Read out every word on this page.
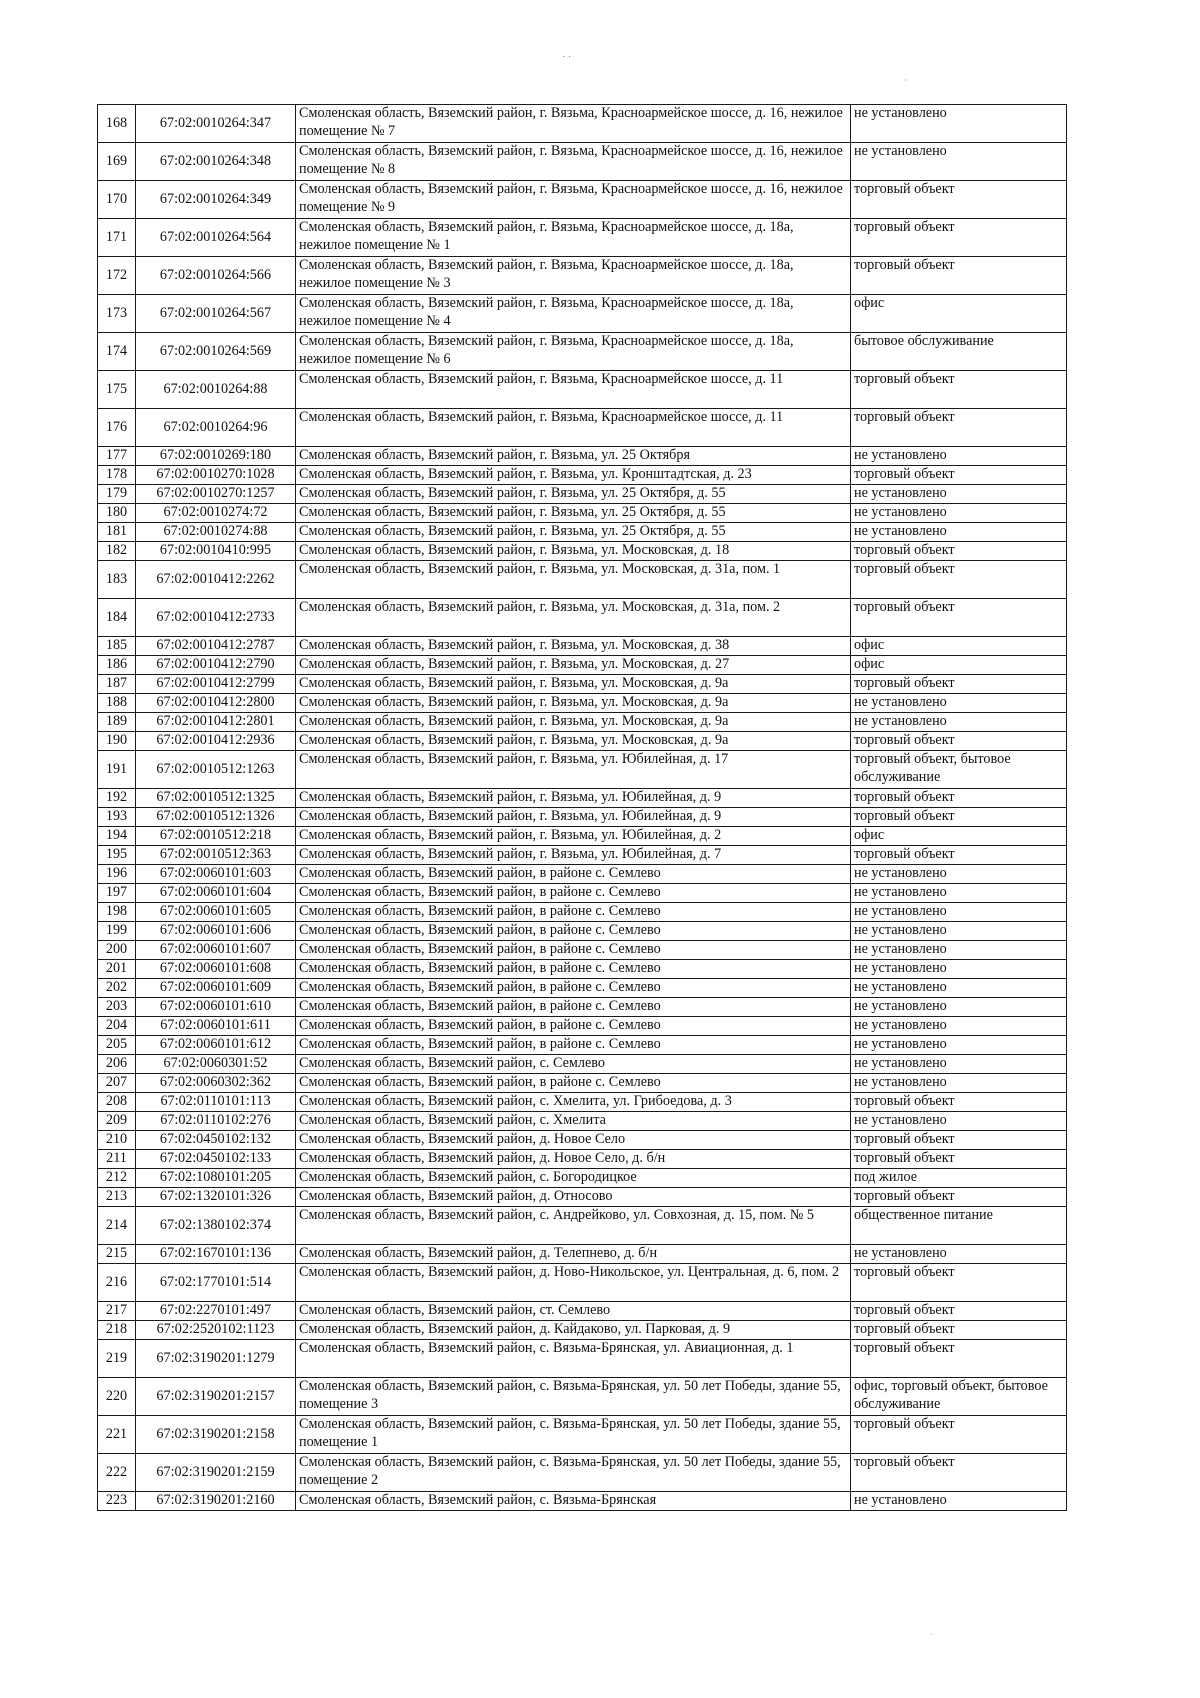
· ·
·
·
168	67:02:0010264:347	Смоленская область, Вяземский район, г. Вязьма, Красноармейское шоссе, д. 16, нежилое помещение № 7	не установлено
169	67:02:0010264:348	Смоленская область, Вяземский район, г. Вязьма, Красноармейское шоссе, д. 16, нежилое помещение № 8	не установлено
170	67:02:0010264:349	Смоленская область, Вяземский район, г. Вязьма, Красноармейское шоссе, д. 16, нежилое помещение № 9	торговый объект
171	67:02:0010264:564	Смоленская область, Вяземский район, г. Вязьма, Красноармейское шоссе, д. 18а, нежилое помещение № 1	торговый объект
172	67:02:0010264:566	Смоленская область, Вяземский район, г. Вязьма, Красноармейское шоссе, д. 18а, нежилое помещение № 3	торговый объект
173	67:02:0010264:567	Смоленская область, Вяземский район, г. Вязьма, Красноармейское шоссе, д. 18а, нежилое помещение № 4	офис
174	67:02:0010264:569	Смоленская область, Вяземский район, г. Вязьма, Красноармейское шоссе, д. 18а, нежилое помещение № 6	бытовое обслуживание
175	67:02:0010264:88	Смоленская область, Вяземский район, г. Вязьма, Красноармейское шоссе, д. 11	торговый объект
176	67:02:0010264:96	Смоленская область, Вяземский район, г. Вязьма, Красноармейское шоссе, д. 11	торговый объект
177	67:02:0010269:180	Смоленская область, Вяземский район, г. Вязьма, ул. 25 Октября	не установлено
178	67:02:0010270:1028	Смоленская область, Вяземский район, г. Вязьма, ул. Кронштадтская, д. 23	торговый объект
179	67:02:0010270:1257	Смоленская область, Вяземский район, г. Вязьма, ул. 25 Октября, д. 55	не установлено
180	67:02:0010274:72	Смоленская область, Вяземский район, г. Вязьма, ул. 25 Октября, д. 55	не установлено
181	67:02:0010274:88	Смоленская область, Вяземский район, г. Вязьма, ул. 25 Октября, д. 55	не установлено
182	67:02:0010410:995	Смоленская область, Вяземский район, г. Вязьма, ул. Московская, д. 18	торговый объект
183	67:02:0010412:2262	Смоленская область, Вяземский район, г. Вязьма, ул. Московская, д. 31а, пом. 1	торговый объект
184	67:02:0010412:2733	Смоленская область, Вяземский район, г. Вязьма, ул. Московская, д. 31а, пом. 2	торговый объект
185	67:02:0010412:2787	Смоленская область, Вяземский район, г. Вязьма, ул. Московская, д. 38	офис
186	67:02:0010412:2790	Смоленская область, Вяземский район, г. Вязьма, ул. Московская, д. 27	офис
187	67:02:0010412:2799	Смоленская область, Вяземский район, г. Вязьма, ул. Московская, д. 9а	торговый объект
188	67:02:0010412:2800	Смоленская область, Вяземский район, г. Вязьма, ул. Московская, д. 9а	не установлено
189	67:02:0010412:2801	Смоленская область, Вяземский район, г. Вязьма, ул. Московская, д. 9а	не установлено
190	67:02:0010412:2936	Смоленская область, Вяземский район, г. Вязьма, ул. Московская, д. 9а	торговый объект
191	67:02:0010512:1263	Смоленская область, Вяземский район, г. Вязьма, ул. Юбилейная, д. 17	торговый объект, бытовое обслуживание
192	67:02:0010512:1325	Смоленская область, Вяземский район, г. Вязьма, ул. Юбилейная, д. 9	торговый объект
193	67:02:0010512:1326	Смоленская область, Вяземский район, г. Вязьма, ул. Юбилейная, д. 9	торговый объект
194	67:02:0010512:218	Смоленская область, Вяземский район, г. Вязьма, ул. Юбилейная, д. 2	офис
195	67:02:0010512:363	Смоленская область, Вяземский район, г. Вязьма, ул. Юбилейная, д. 7	торговый объект
196	67:02:0060101:603	Смоленская область, Вяземский район, в районе с. Семлево	не установлено
197	67:02:0060101:604	Смоленская область, Вяземский район, в районе с. Семлево	не установлено
198	67:02:0060101:605	Смоленская область, Вяземский район, в районе с. Семлево	не установлено
199	67:02:0060101:606	Смоленская область, Вяземский район, в районе с. Семлево	не установлено
200	67:02:0060101:607	Смоленская область, Вяземский район, в районе с. Семлево	не установлено
201	67:02:0060101:608	Смоленская область, Вяземский район, в районе с. Семлево	не установлено
202	67:02:0060101:609	Смоленская область, Вяземский район, в районе с. Семлево	не установлено
203	67:02:0060101:610	Смоленская область, Вяземский район, в районе с. Семлево	не установлено
204	67:02:0060101:611	Смоленская область, Вяземский район, в районе с. Семлево	не установлено
205	67:02:0060101:612	Смоленская область, Вяземский район, в районе с. Семлево	не установлено
206	67:02:0060301:52	Смоленская область, Вяземский район, с. Семлево	не установлено
207	67:02:0060302:362	Смоленская область, Вяземский район, в районе с. Семлево	не установлено
208	67:02:0110101:113	Смоленская область, Вяземский район, с. Хмелита, ул. Грибоедова, д. 3	торговый объект
209	67:02:0110102:276	Смоленская область, Вяземский район, с. Хмелита	не установлено
210	67:02:0450102:132	Смоленская область, Вяземский район, д. Новое Село	торговый объект
211	67:02:0450102:133	Смоленская область, Вяземский район, д. Новое Село, д. б/н	торговый объект
212	67:02:1080101:205	Смоленская область, Вяземский район, с. Богородицкое	под жилое
213	67:02:1320101:326	Смоленская область, Вяземский район, д. Относово	торговый объект
214	67:02:1380102:374	Смоленская область, Вяземский район, с. Андрейково, ул. Совхозная, д. 15, пом. № 5	общественное питание
215	67:02:1670101:136	Смоленская область, Вяземский район, д. Телепнево, д. б/н	не установлено
216	67:02:1770101:514	Смоленская область, Вяземский район, д. Ново-Никольское, ул. Центральная, д. 6, пом. 2	торговый объект
217	67:02:2270101:497	Смоленская область, Вяземский район, ст. Семлево	торговый объект
218	67:02:2520102:1123	Смоленская область, Вяземский район, д. Кайдаково, ул. Парковая, д. 9	торговый объект
219	67:02:3190201:1279	Смоленская область, Вяземский район, с. Вязьма-Брянская, ул. Авиационная, д. 1	торговый объект
220	67:02:3190201:2157	Смоленская область, Вяземский район, с. Вязьма-Брянская, ул. 50 лет Победы, здание 55, помещение 3	офис, торговый объект, бытовое обслуживание
221	67:02:3190201:2158	Смоленская область, Вяземский район, с. Вязьма-Брянская, ул. 50 лет Победы, здание 55, помещение 1	торговый объект
222	67:02:3190201:2159	Смоленская область, Вяземский район, с. Вязьма-Брянская, ул. 50 лет Победы, здание 55, помещение 2	торговый объект
223	67:02:3190201:2160	Смоленская область, Вяземский район, с. Вязьма-Брянская	не установлено
